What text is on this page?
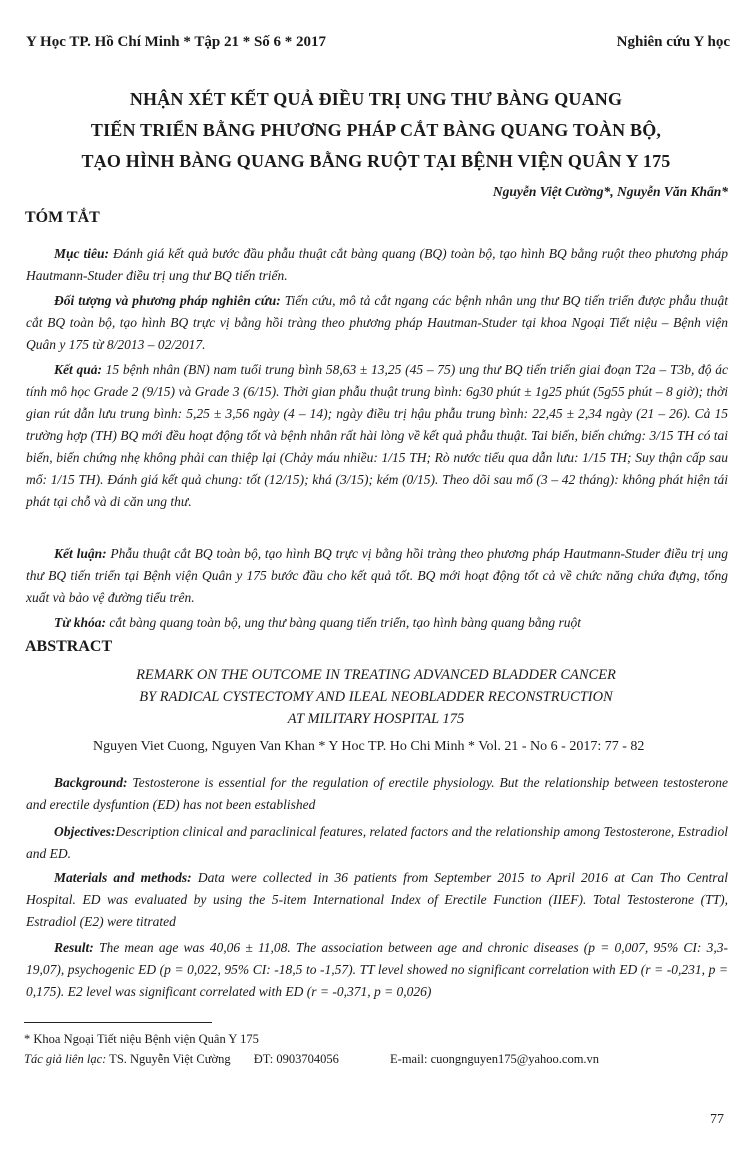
Y Học TP. Hồ Chí Minh * Tập 21 * Số 6 * 2017	Nghiên cứu Y học
NHẬN XÉT KẾT QUẢ ĐIỀU TRỊ UNG THƯ BÀNG QUANG
TIẾN TRIỂN BẰNG PHƯƠNG PHÁP CẮT BÀNG QUANG TOÀN BỘ,
TẠO HÌNH BÀNG QUANG BẰNG RUỘT TẠI BỆNH VIỆN QUÂN Y 175
Nguyễn Việt Cường*, Nguyễn Văn Khẩn*
TÓM TẮT

Mục tiêu: Đánh giá kết quả bước đầu phẫu thuật cắt bàng quang (BQ) toàn bộ, tạo hình BQ bằng ruột theo phương pháp Hautmann-Studer điều trị ung thư BQ tiến triển.

Đối tượng và phương pháp nghiên cứu: Tiến cứu, mô tả cắt ngang các bệnh nhân ung thư BQ tiến triển được phẫu thuật cắt BQ toàn bộ, tạo hình BQ trực vị bằng hồi tràng theo phương pháp Hautman-Studer tại khoa Ngoại Tiết niệu – Bệnh viện Quân y 175 từ 8/2013 – 02/2017.

Kết quả: 15 bệnh nhân (BN) nam tuổi trung bình 58,63 ± 13,25 (45 – 75) ung thư BQ tiến triển giai đoạn T2a – T3b, độ ác tính mô học Grade 2 (9/15) và Grade 3 (6/15). Thời gian phẫu thuật trung bình: 6g30 phút ± 1g25 phút (5g55 phút – 8 giờ); thời gian rút dẫn lưu trung bình: 5,25 ± 3,56 ngày (4 – 14); ngày điều trị hậu phẫu trung bình: 22,45 ± 2,34 ngày (21 – 26). Cả 15 trường hợp (TH) BQ mới đều hoạt động tốt và bệnh nhân rất hài lòng về kết quả phẫu thuật. Tai biến, biến chứng: 3/15 TH có tai biến, biến chứng nhẹ không phải can thiệp lại (Chảy máu nhiều: 1/15 TH; Rò nước tiểu qua dẫn lưu: 1/15 TH; Suy thận cấp sau mổ: 1/15 TH). Đánh giá kết quả chung: tốt (12/15); khá (3/15); kém (0/15). Theo dõi sau mổ (3 – 42 tháng): không phát hiện tái phát tại chỗ và di căn ung thư.

Kết luận: Phẫu thuật cắt BQ toàn bộ, tạo hình BQ trực vị bằng hồi tràng theo phương pháp Hautmann-Studer điều trị ung thư BQ tiến triển tại Bệnh viện Quân y 175 bước đầu cho kết quả tốt. BQ mới hoạt động tốt cả về chức năng chứa đựng, tống xuất và bảo vệ đường tiểu trên.

Từ khóa: cắt bàng quang toàn bộ, ung thư bàng quang tiến triển, tạo hình bàng quang bằng ruột

ABSTRACT
REMARK ON THE OUTCOME IN TREATING ADVANCED BLADDER CANCER
BY RADICAL CYSTECTOMY AND ILEAL NEOBLADDER RECONSTRUCTION
AT MILITARY HOSPITAL 175
Nguyen Viet Cuong, Nguyen Van Khan * Y Hoc TP. Ho Chi Minh * Vol. 21 - No 6 - 2017: 77 - 82

Background: Testosterone is essential for the regulation of erectile physiology. But the relationship between testosterone and erectile dysfuntion (ED) has not been established

Objectives:Description clinical and paraclinical features, related factors and the relationship among Testosterone, Estradiol and ED.

Materials and methods: Data were collected in 36 patients from September 2015 to April 2016 at Can Tho Central Hospital. ED was evaluated by using the 5-item International Index of Erectile Function (IIEF). Total Testosterone (TT), Estradiol (E2) were titrated

Result: The mean age was 40,06 ± 11,08. The association between age and chronic diseases (p = 0,007, 95% CI: 3,3-19,07), psychogenic ED (p = 0,022, 95% CI: -18,5 to -1,57). TT level showed no significant correlation with ED (r = -0,231, p = 0,175). E2 level was significant correlated with ED (r = -0,371, p = 0,026)

* Khoa Ngoại Tiết niệu Bệnh viện Quân Y 175
Tác giả liên lạc: TS. Nguyễn Việt Cường ĐT: 0903704056	E-mail: cuongnguyen175@yahoo.com.vn
77
